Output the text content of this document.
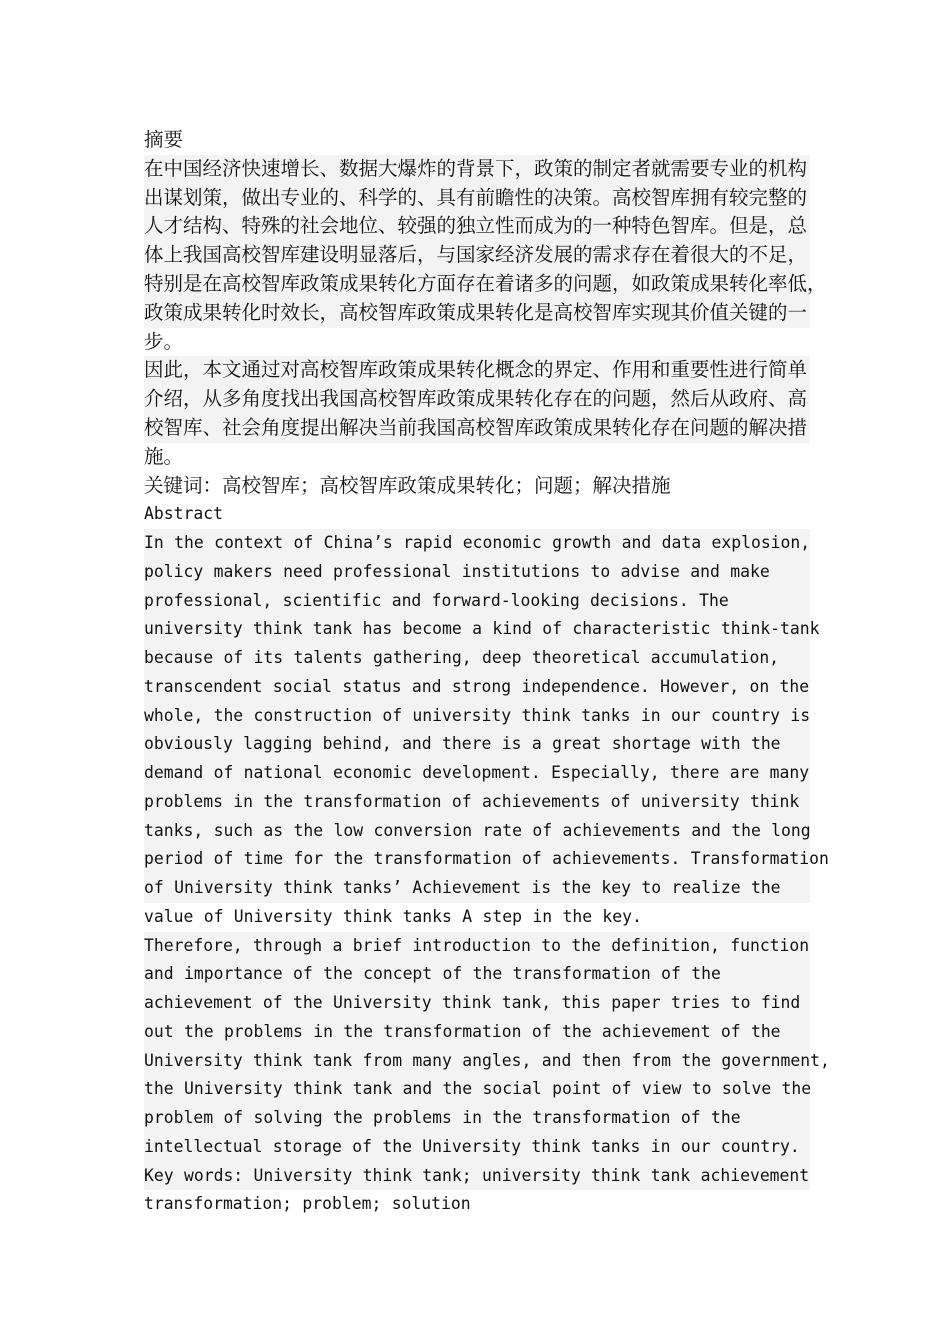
摘要

在中国经济快速增长、数据大爆炸的背景下，政策的制定者就需要专业的机构
出谋划策，做出专业的、科学的、具有前瞻性的决策。高校智库拥有较完整的
人才结构、特殊的社会地位、较强的独立性而成为的一种特色智库。但是，总
体上我国高校智库建设明显落后，与国家经济发展的需求存在着很大的不足，
特别是在高校智库政策成果转化方面存在着诸多的问题，如政策成果转化率低，
政策成果转化时效长，高校智库政策成果转化是高校智库实现其价值关键的一
步。

因此，本文通过对高校智库政策成果转化概念的界定、作用和重要性进行简单
介绍，从多角度找出我国高校智库政策成果转化存在的问题，然后从政府、高
校智库、社会角度提出解决当前我国高校智库政策成果转化存在问题的解决措
施。

关键词：高校智库；高校智库政策成果转化；问题；解决措施

Abstract

In the context of China’s rapid economic growth and data explosion,
policy makers need professional institutions to advise and make
professional, scientific and forward-looking decisions. The
university think tank has become a kind of characteristic think-tank
because of its talents gathering, deep theoretical accumulation,
transcendent social status and strong independence. However, on the
whole, the construction of university think tanks in our country is
obviously lagging behind, and there is a great shortage with the
demand of national economic development. Especially, there are many
problems in the transformation of achievements of university think
tanks, such as the low conversion rate of achievements and the long
period of time for the transformation of achievements. Transformation
of University think tanks’ Achievement is the key to realize the
value of University think tanks A step in the key.

Therefore, through a brief introduction to the definition, function
and importance of the concept of the transformation of the
achievement of the University think tank, this paper tries to find
out the problems in the transformation of the achievement of the
University think tank from many angles, and then from the government,
the University think tank and the social point of view to solve the
problem of solving the problems in the transformation of the
intellectual storage of the University think tanks in our country.

Key words: University think tank; university think tank achievement
transformation; problem; solution
